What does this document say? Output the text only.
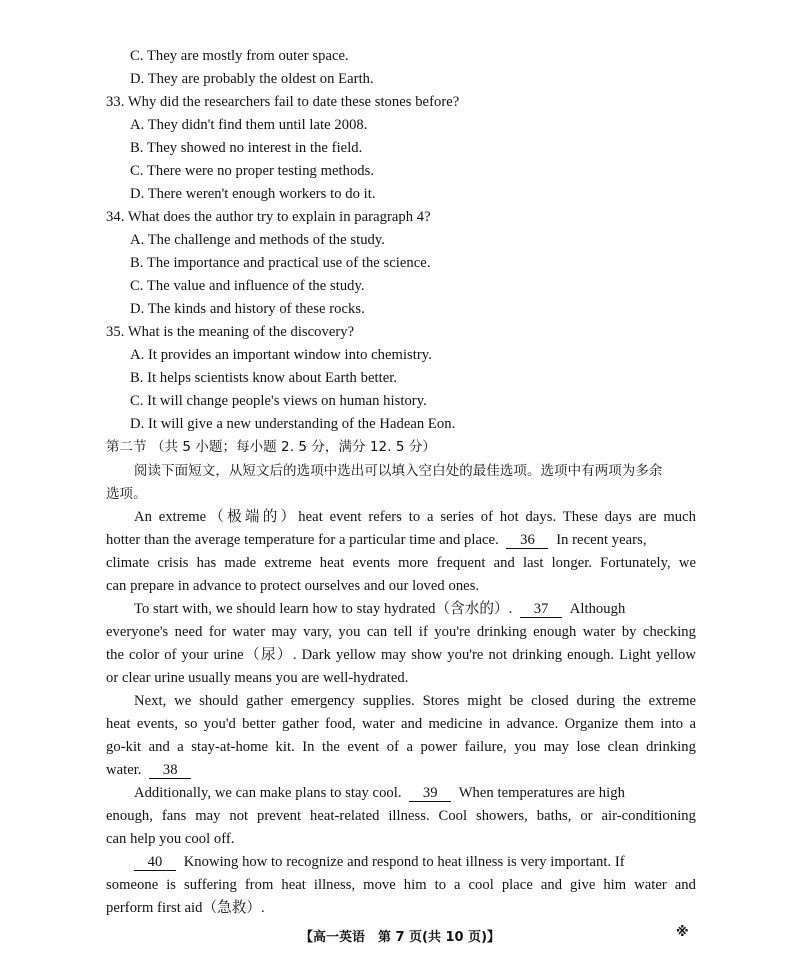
C. They are mostly from outer space.
D. They are probably the oldest on Earth.
33. Why did the researchers fail to date these stones before?
A. They didn't find them until late 2008.
B. They showed no interest in the field.
C. There were no proper testing methods.
D. There weren't enough workers to do it.
34. What does the author try to explain in paragraph 4?
A. The challenge and methods of the study.
B. The importance and practical use of the science.
C. The value and influence of the study.
D. The kinds and history of these rocks.
35. What is the meaning of the discovery?
A. It provides an important window into chemistry.
B. It helps scientists know about Earth better.
C. It will change people's views on human history.
D. It will give a new understanding of the Hadean Eon.
第二节 （共 5 小题；每小题 2. 5 分，满分 12. 5 分）
阅读下面短文，从短文后的选项中选出可以填入空白处的最佳选项。选项中有两项为多余
选项。
An extreme（极端的）heat event refers to a series of hot days. These days are much
hotter than the average temperature for a particular time and place. 36 In recent years,
climate crisis has made extreme heat events more frequent and last longer. Fortunately, we
can prepare in advance to protect ourselves and our loved ones.
To start with, we should learn how to stay hydrated（含水的）. 37 Although
everyone's need for water may vary, you can tell if you're drinking enough water by checking
the color of your urine（尿）. Dark yellow may show you're not drinking enough. Light yellow
or clear urine usually means you are well-hydrated.
Next, we should gather emergency supplies. Stores might be closed during the extreme
heat events, so you'd better gather food, water and medicine in advance. Organize them into a
go-kit and a stay-at-home kit. In the event of a power failure, you may lose clean drinking
water. 38
Additionally, we can make plans to stay cool. 39 When temperatures are high
enough, fans may not prevent heat-related illness. Cool showers, baths, or air-conditioning
can help you cool off.
40 Knowing how to recognize and respond to heat illness is very important. If
someone is suffering from heat illness, move him to a cool place and give him water and
perform first aid（急救）.
【高一英语　第 7 页(共 10 页)】	※
